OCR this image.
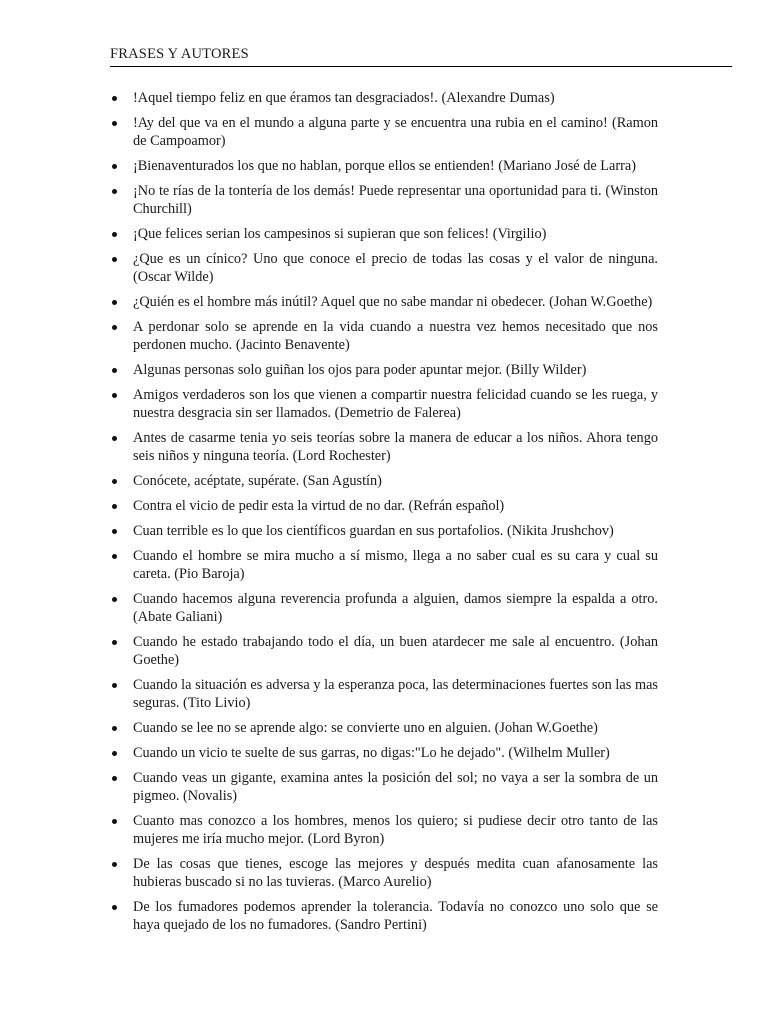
FRASES Y AUTORES
!Aquel tiempo feliz en que éramos tan desgraciados!. (Alexandre Dumas)
!Ay del que va en el mundo a alguna parte y se encuentra una rubia en el camino! (Ramon de Campoamor)
¡Bienaventurados los que no hablan, porque ellos se entienden! (Mariano José de Larra)
¡No te rías de la tontería de los demás! Puede representar una oportunidad para ti. (Winston Churchill)
¡Que felices serian los campesinos si supieran que son felices! (Virgilio)
¿Que es un cínico? Uno que conoce el precio de todas las cosas y el valor de ninguna. (Oscar Wilde)
¿Quién es el hombre más inútil? Aquel que no sabe mandar ni obedecer. (Johan W.Goethe)
A perdonar solo se aprende en la vida cuando a nuestra vez hemos necesitado que nos perdonen mucho. (Jacinto Benavente)
Algunas personas solo guiñan los ojos para poder apuntar mejor. (Billy Wilder)
Amigos verdaderos son los que vienen a compartir nuestra felicidad cuando se les ruega, y nuestra desgracia sin ser llamados. (Demetrio de Falerea)
Antes de casarme tenia yo seis teorías sobre la manera de educar a los niños. Ahora tengo seis niños y ninguna teoría. (Lord Rochester)
Conócete, acéptate, supérate. (San Agustín)
Contra el vicio de pedir esta la virtud de no dar. (Refrán español)
Cuan terrible es lo que los científicos guardan en sus portafolios. (Nikita Jrushchov)
Cuando el hombre se mira mucho a sí mismo, llega a no saber cual es su cara y cual su careta. (Pio Baroja)
Cuando hacemos alguna reverencia profunda a alguien, damos siempre la espalda a otro. (Abate Galiani)
Cuando he estado trabajando todo el día, un buen atardecer me sale al encuentro. (Johan Goethe)
Cuando la situación es adversa y la esperanza poca, las determinaciones fuertes son las mas seguras. (Tito Livio)
Cuando se lee no se aprende algo: se convierte uno en alguien. (Johan W.Goethe)
Cuando un vicio te suelte de sus garras, no digas:"Lo he dejado". (Wilhelm Muller)
Cuando veas un gigante, examina antes la posición del sol; no vaya a ser la sombra de un pigmeo. (Novalis)
Cuanto mas conozco a los hombres, menos los quiero; si pudiese decir otro tanto de las mujeres me iría mucho mejor. (Lord Byron)
De las cosas que tienes, escoge las mejores y después medita cuan afanosamente las hubieras buscado si no las tuvieras. (Marco Aurelio)
De los fumadores podemos aprender la tolerancia. Todavía no conozco uno solo que se haya quejado de los no fumadores. (Sandro Pertini)
